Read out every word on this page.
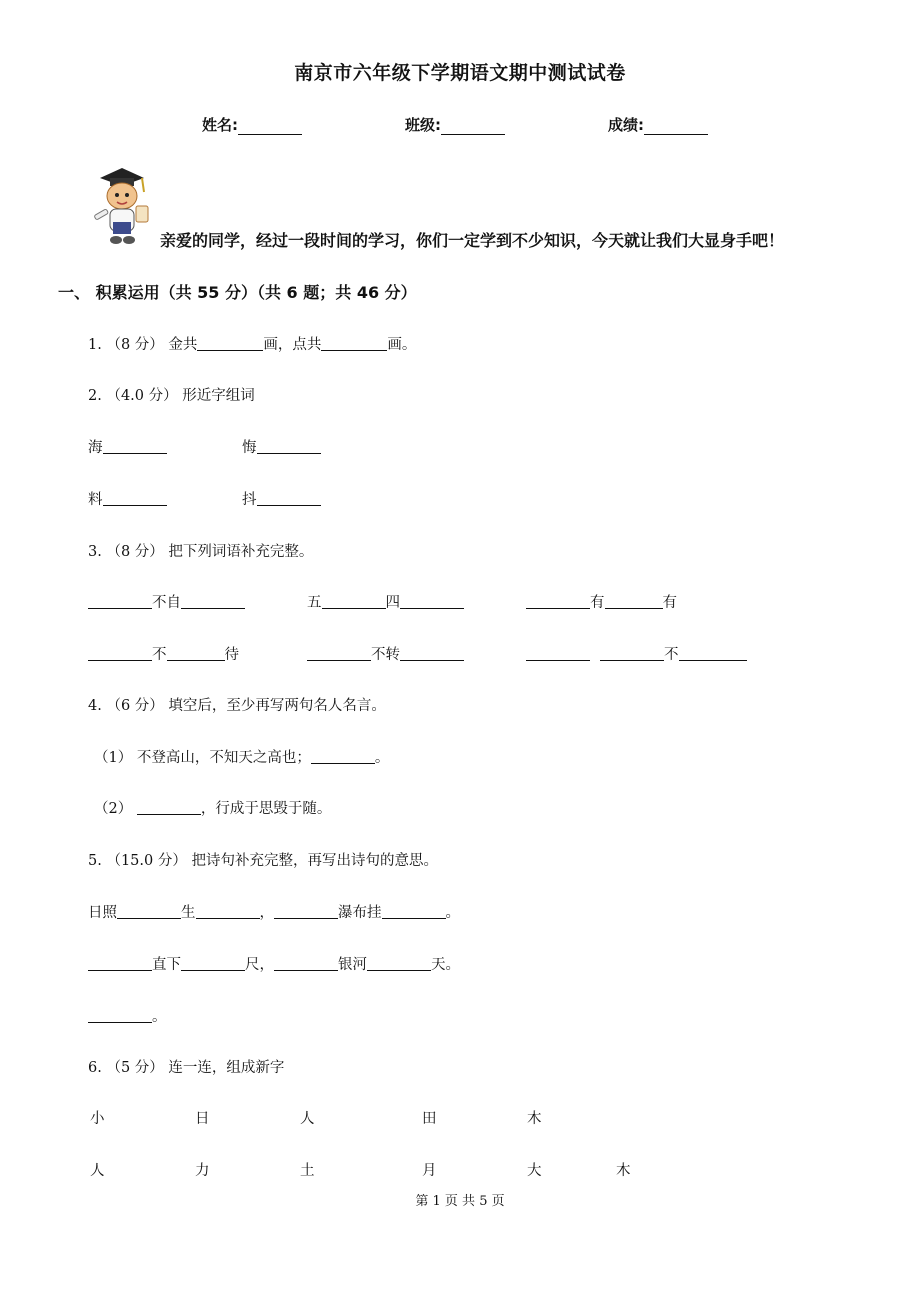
南京市六年级下学期语文期中测试试卷
姓名:	班级:	成绩:
亲爱的同学，经过一段时间的学习，你们一定学到不少知识，今天就让我们大显身手吧！
一、 积累运用（共 55 分）（共 6 题；共 46 分）
1. （8 分） 金共	画，点共	画。
2. （4.0 分） 形近字组词
海	悔
料	抖
3. （8 分） 把下列词语补充完整。
不自	五	四	有	有
不	待	不转	不
4. （6 分） 填空后，至少再写两句名人名言。
（1） 不登高山，不知天之高也；	。
（2）	，行成于思毁于随。
5. （15.0 分） 把诗句补充完整，再写出诗句的意思。
日照	生	，	瀑布挂	。
直下	尺，	银河	天。
。
6. （5 分） 连一连，组成新字
小	日	人	田	木
人	力	土	月	大	木
第 1 页 共 5 页
